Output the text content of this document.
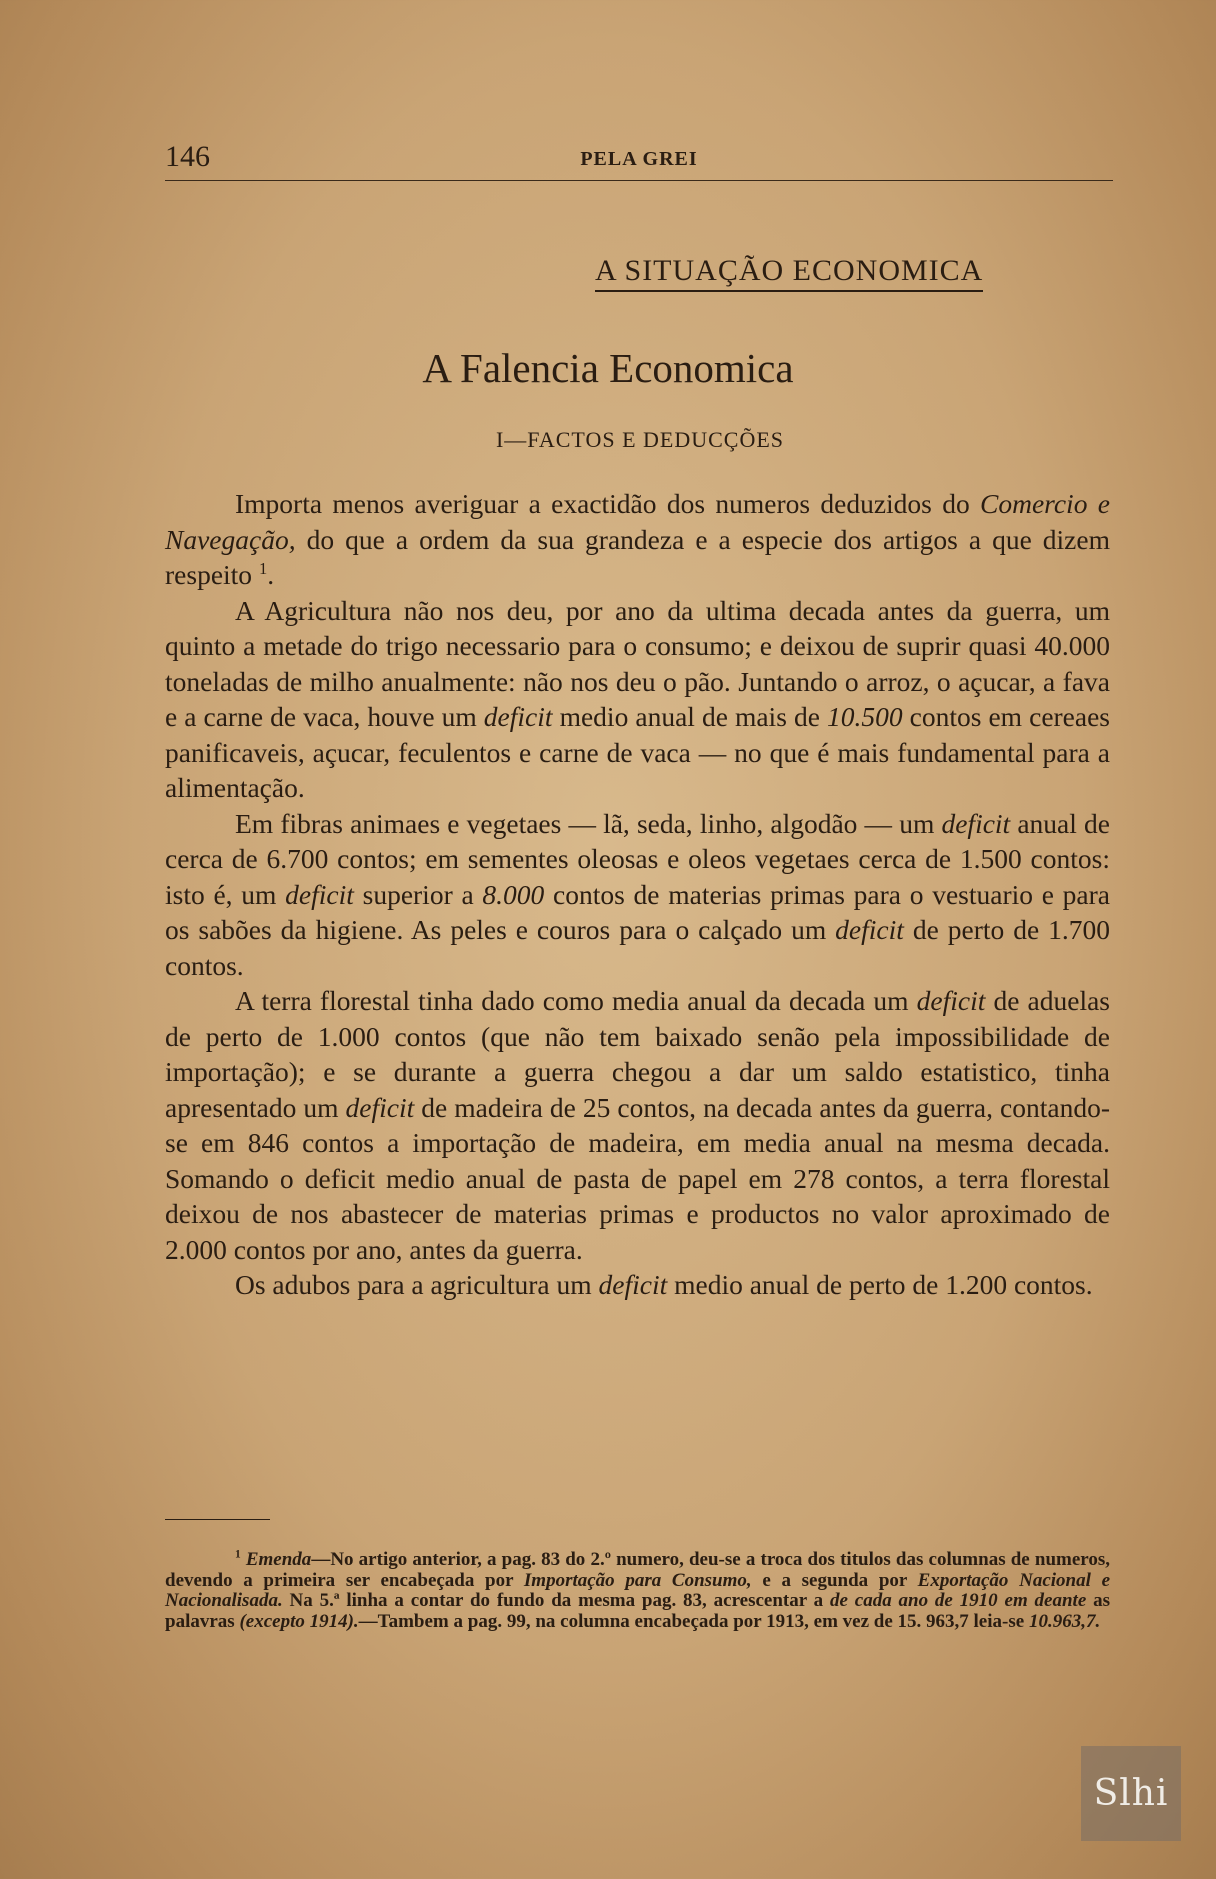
146	PELA GREI
A SITUAÇÃO ECONOMICA
A Falencia Economica
I—FACTOS E DEDUCÇÕES

Importa menos averiguar a exactidão dos numeros deduzidos do Comercio e Navegação, do que a ordem da sua grandeza e a especie dos artigos a que dizem respeito $^1$.

A Agricultura não nos deu, por ano da ultima decada antes da guerra, um quinto a metade do trigo necessario para o consumo; e deixou de suprir quasi 40.000 toneladas de milho anualmente: não nos deu o pão. Juntando o arroz, o açucar, a fava e a carne de vaca, houve um deficit medio anual de mais de 10.500 contos em cereaes panificaveis, açucar, feculentos e carne de vaca — no que é mais fundamental para a alimentação.

Em fibras animaes e vegetaes — lã, seda, linho, algodão — um deficit anual de cerca de 6.700 contos; em sementes oleosas e oleos vegetaes cerca de 1.500 contos: isto é, um deficit superior a 8.000 contos de materias primas para o vestuario e para os sabões da higiene. As peles e couros para o calçado um deficit de perto de 1.700 contos.

A terra florestal tinha dado como media anual da decada um deficit de aduelas de perto de 1.000 contos (que não tem baixado senão pela impossibilidade de importação); e se durante a guerra chegou a dar um saldo estatistico, tinha apresentado um deficit de madeira de 25 contos, na decada antes da guerra, contando-se em 846 contos a importação de madeira, em media anual na mesma decada. Somando o deficit medio anual de pasta de papel em 278 contos, a terra florestal deixou de nos abastecer de materias primas e productos no valor aproximado de 2.000 contos por ano, antes da guerra.

Os adubos para a agricultura um deficit medio anual de perto de 1.200 contos.

$^1$ Emenda—No artigo anterior, a pag. 83 do 2.º numero, deu-se a troca dos titulos das columnas de numeros, devendo a primeira ser encabeçada por Importação para Consumo, e a segunda por Exportação Nacional e Nacionalisada. Na 5.ª linha a contar do fundo da mesma pag. 83, acrescentar a de cada ano de 1910 em deante as palavras (excepto 1914).—Tambem a pag. 99, na columna encabeçada por 1913, em vez de 15. 963,7 leia-se 10.963,7.

Slhi
